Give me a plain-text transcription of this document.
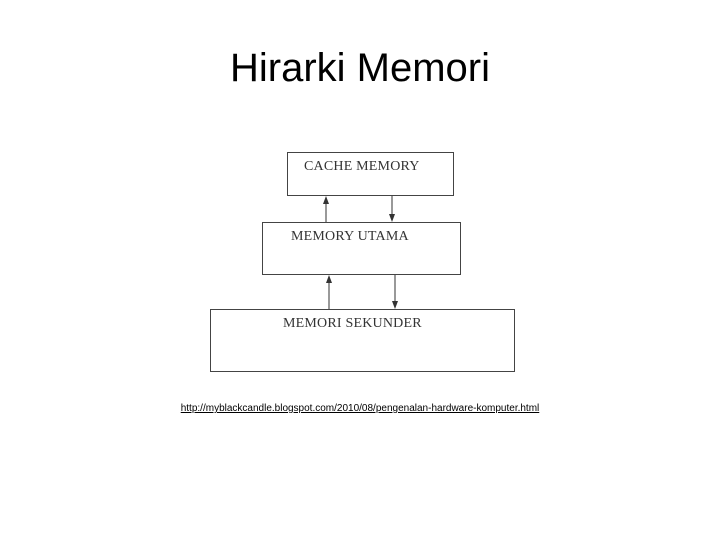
Hirarki Memori
CACHE MEMORY
MEMORY UTAMA
MEMORI SEKUNDER
http://myblackcandle.blogspot.com/2010/08/pengenalan-hardware-komputer.html
